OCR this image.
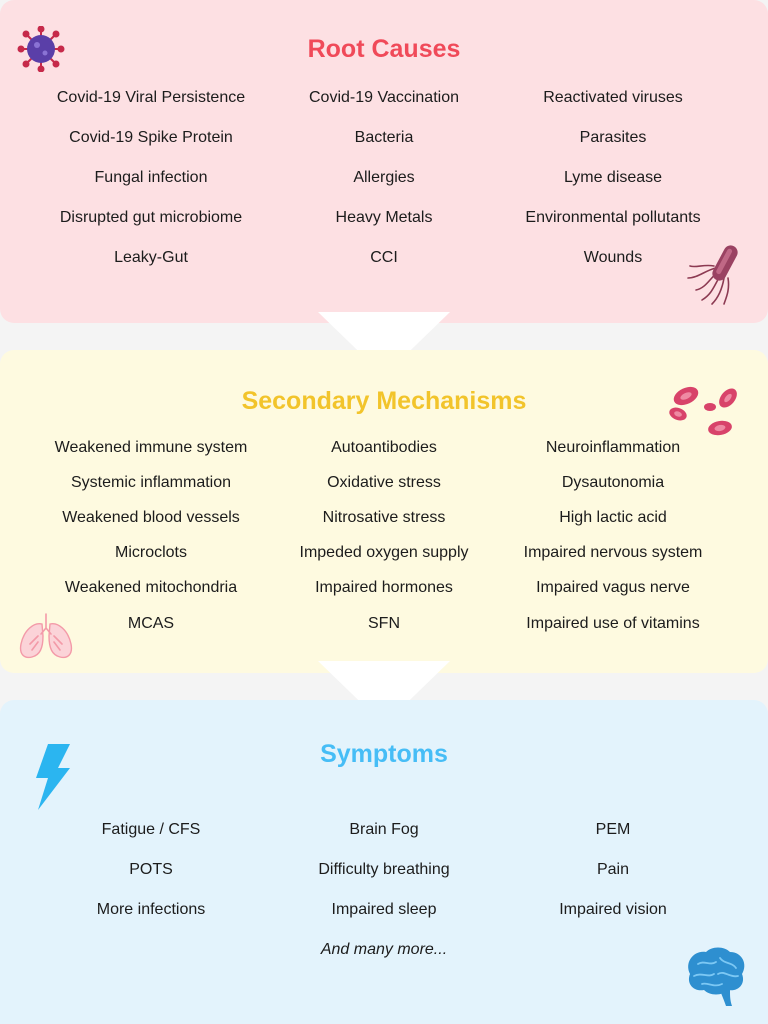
Root Causes
Covid-19 Viral Persistence	Covid-19 Vaccination	Reactivated viruses
Covid-19 Spike Protein	Bacteria	Parasites
Fungal infection	Allergies	Lyme disease
Disrupted gut microbiome	Heavy Metals	Environmental pollutants
Leaky-Gut	CCI	Wounds
Secondary Mechanisms
Weakened immune system	Autoantibodies	Neuroinflammation
Systemic inflammation	Oxidative stress	Dysautonomia
Weakened blood vessels	Nitrosative stress	High lactic acid
Microclots	Impeded oxygen supply	Impaired nervous system
Weakened mitochondria	Impaired hormones	Impaired vagus nerve
MCAS	SFN	Impaired use of vitamins
Symptoms
Fatigue / CFS	Brain Fog	PEM
POTS	Difficulty breathing	Pain
More infections	Impaired sleep	Impaired vision
And many more...
